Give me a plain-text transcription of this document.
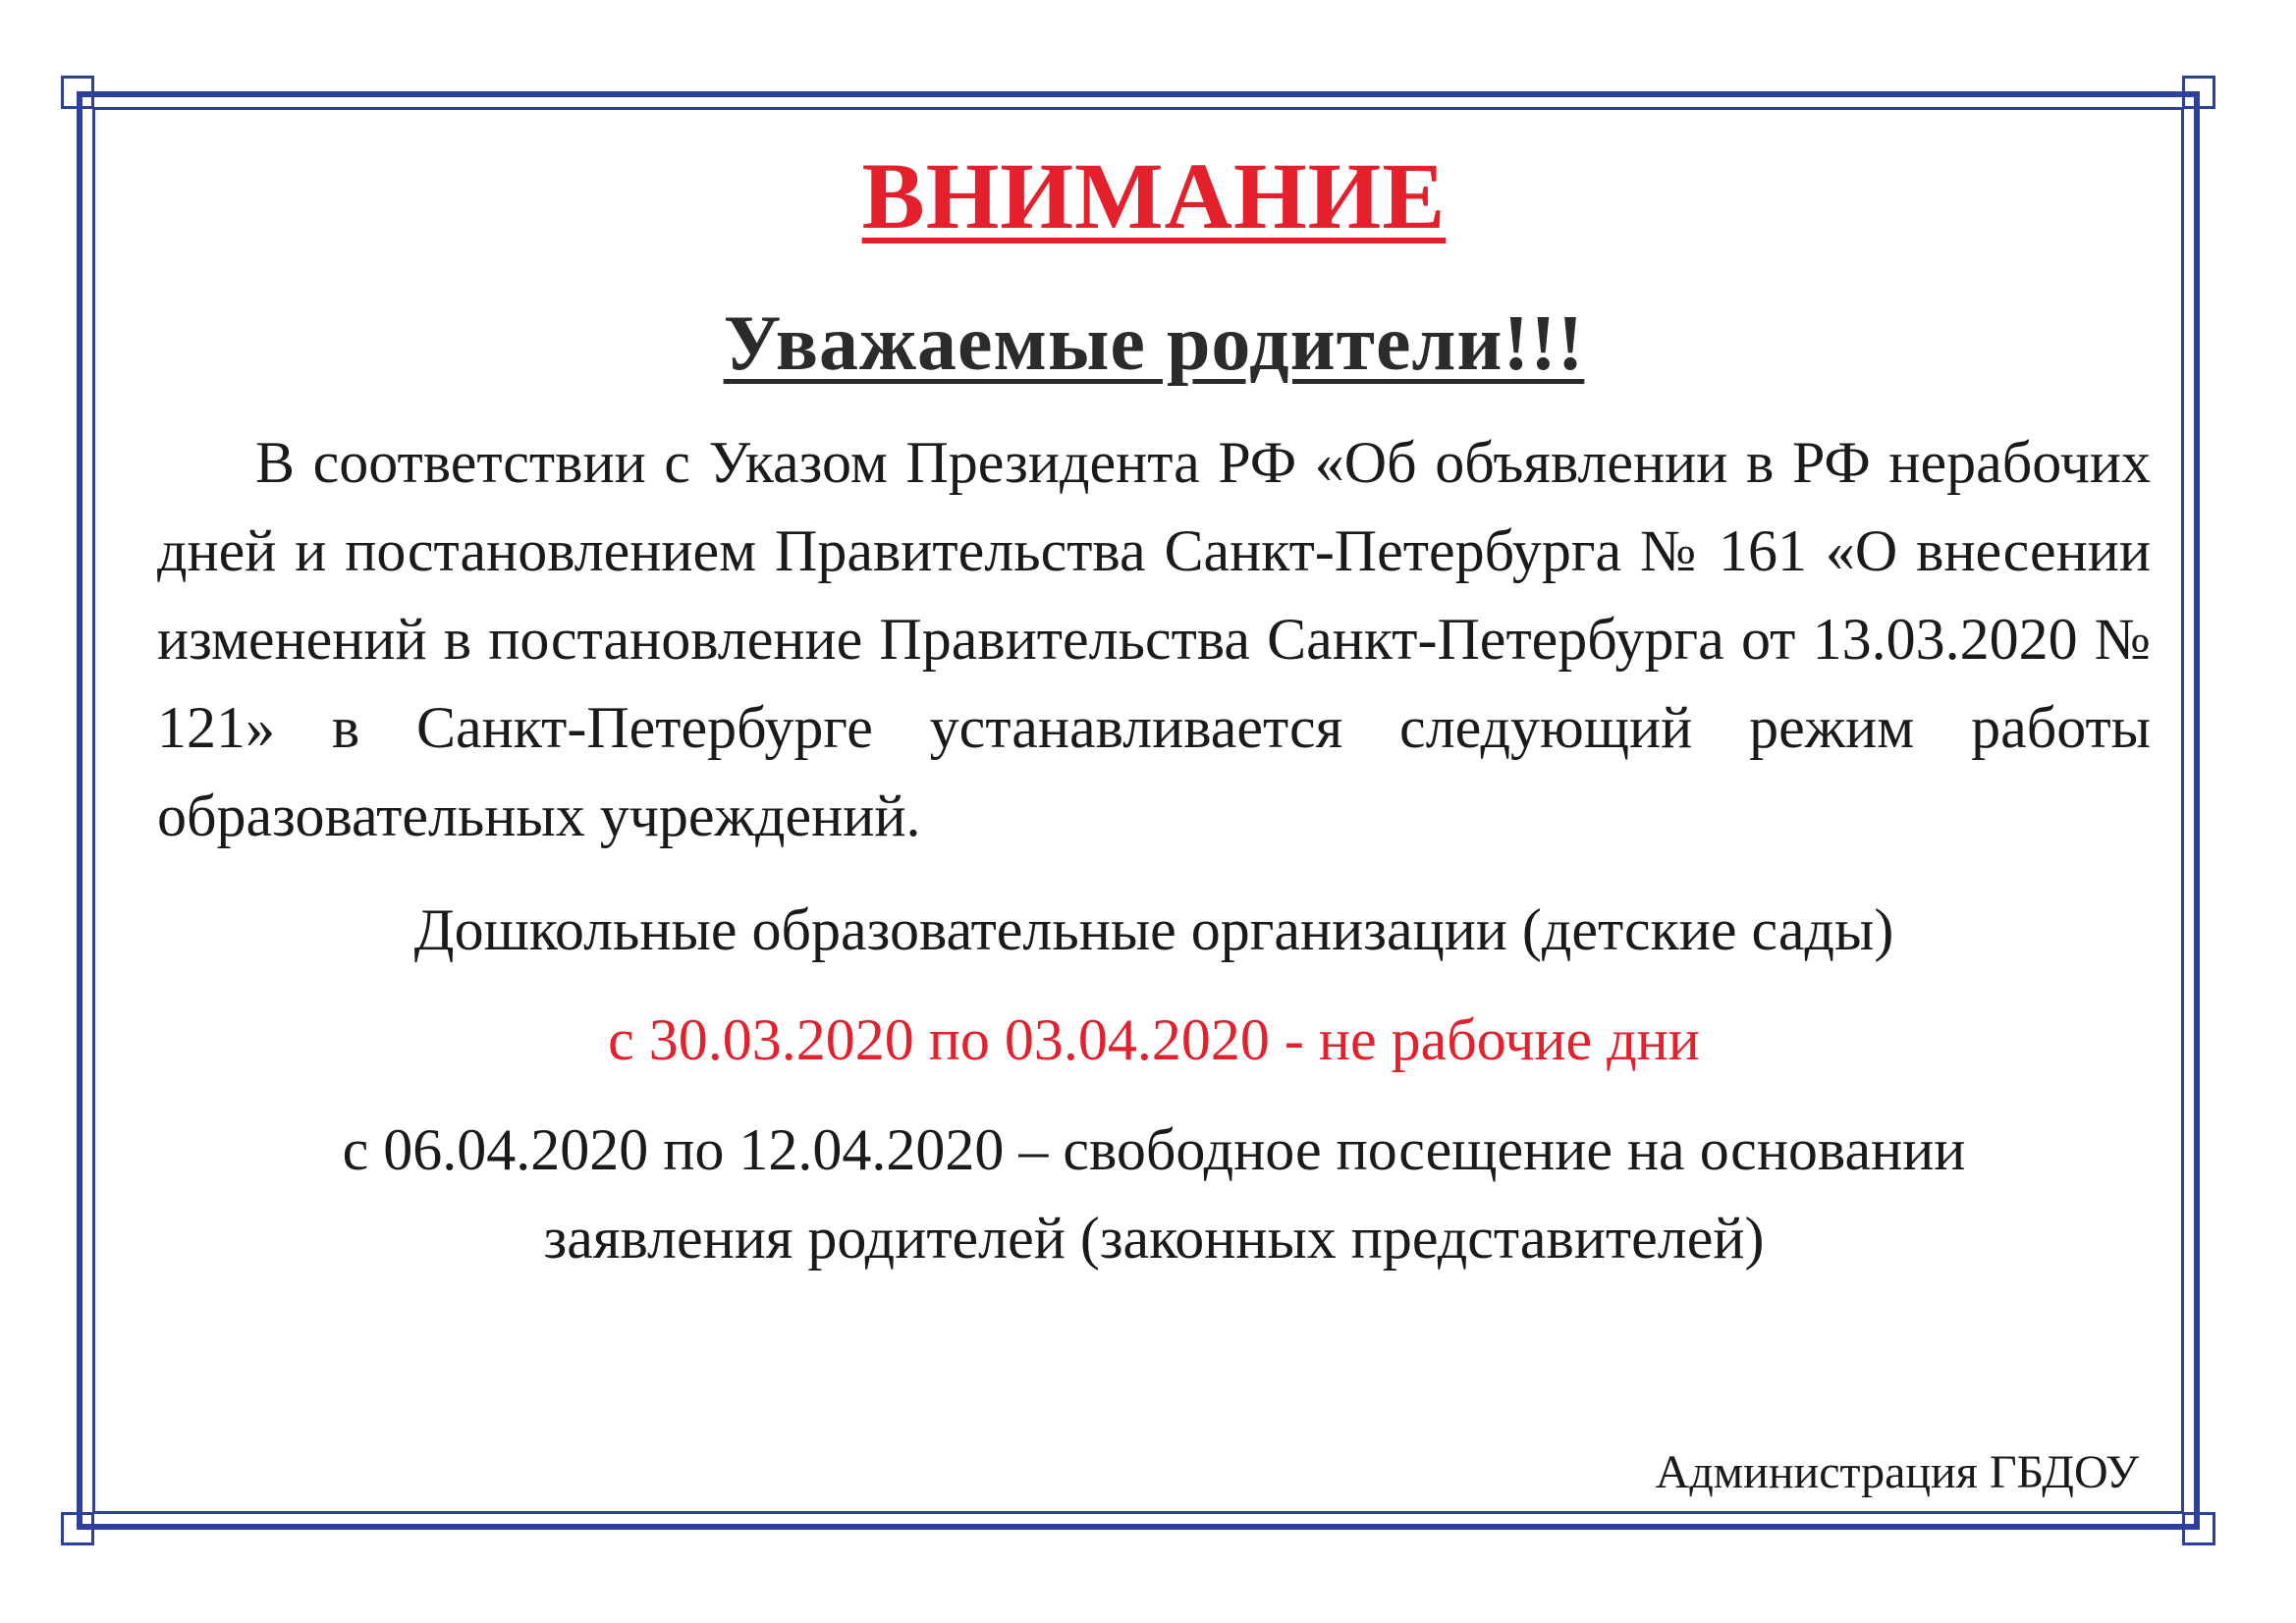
ВНИМАНИЕ
Уважаемые родители!!!

В соответствии с Указом Президента РФ «Об объявлении в РФ нерабочих дней и постановлением Правительства Санкт-Петербурга № 161 «О внесении изменений в постановление Правительства Санкт-Петербурга от 13.03.2020 № 121» в Санкт-Петербурге устанавливается следующий режим работы образовательных учреждений.

Дошкольные образовательные организации (детские сады)

с 30.03.2020 по 03.04.2020 - не рабочие дни

с 06.04.2020 по 12.04.2020 – свободное посещение на основании

заявления родителей (законных представителей)

Администрация ГБДОУ
